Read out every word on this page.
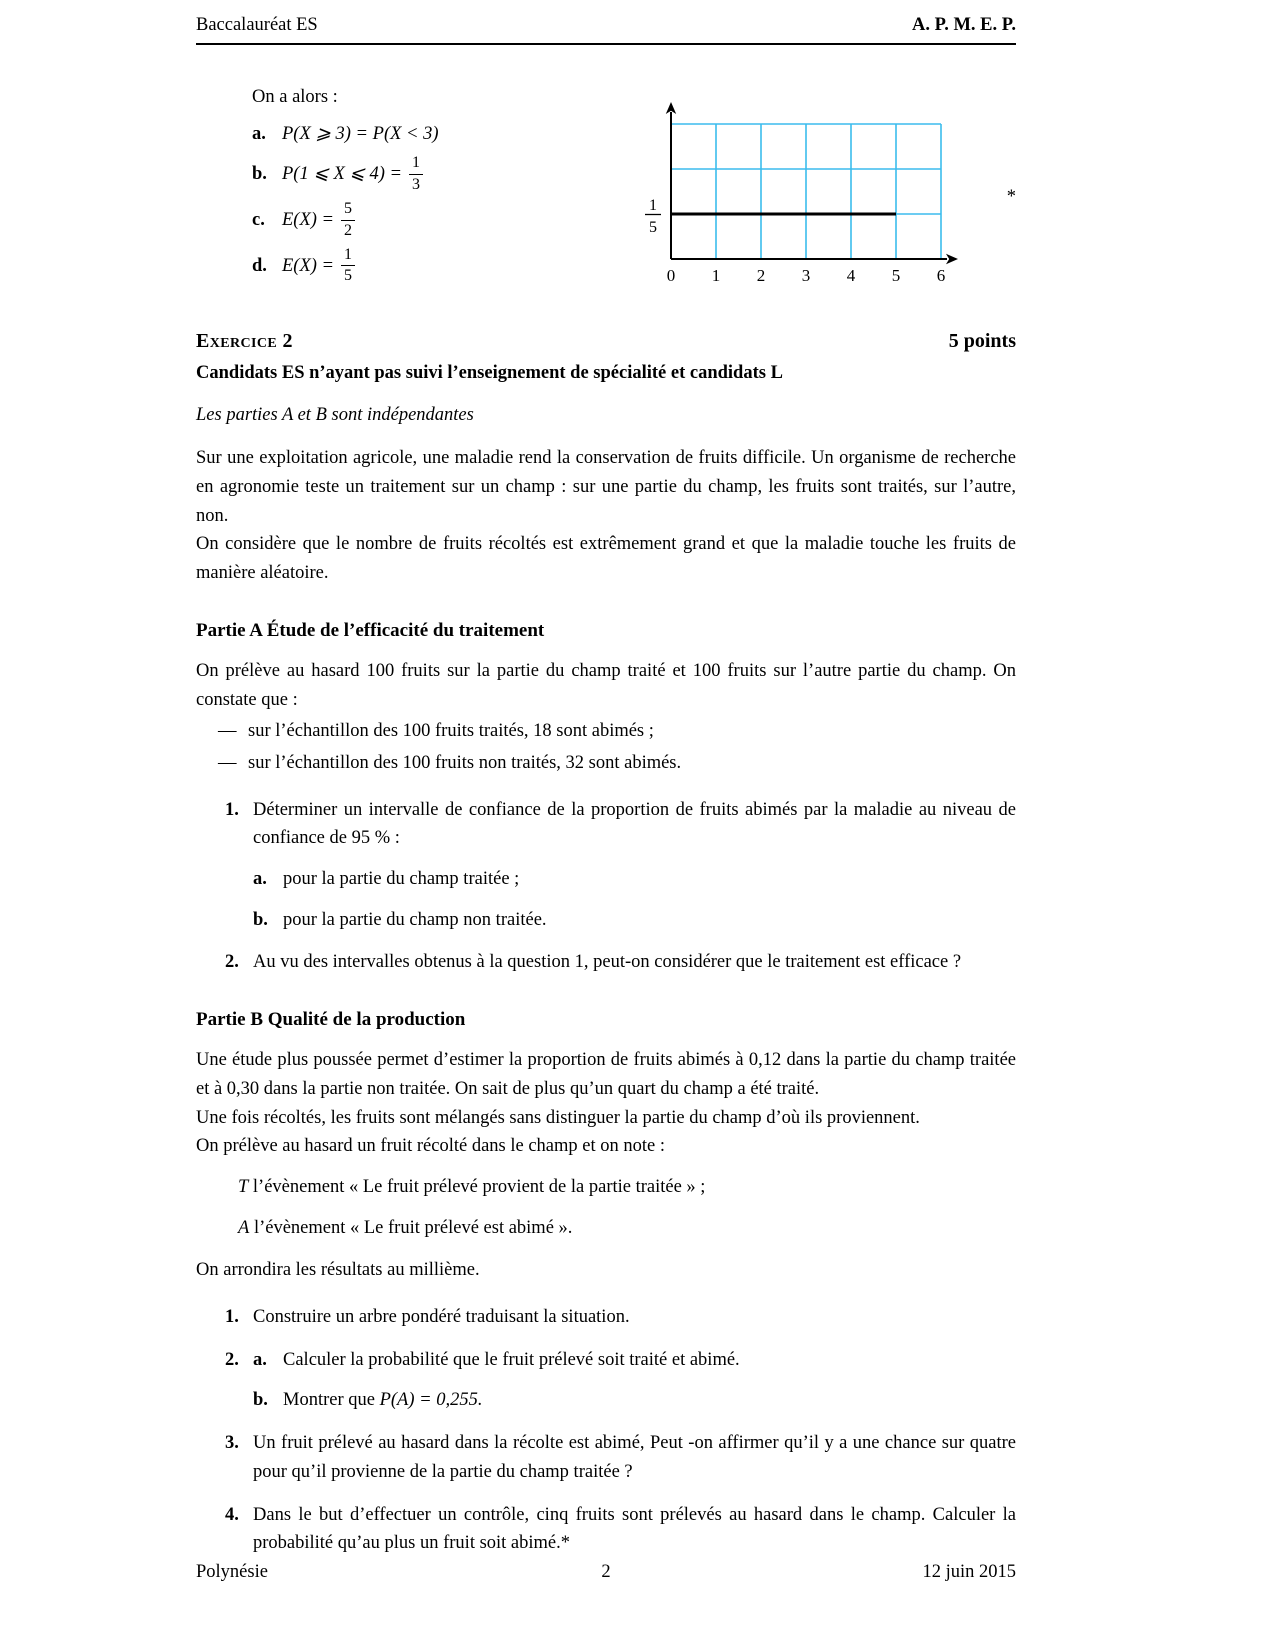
Baccalauréat ES	A. P. M. E. P.

On a alors :

a. P(X ⩾ 3) = P(X < 3)
b. P(1 ⩽ X ⩽ $4) = \frac{1}{3}$
c. $E(X) = \frac{5}{2}$
d. $E(X) = \frac{1}{5}$	0 1 2 3 4 5 6
1
5
*
Exercice 2	5 points

Candidats ES n’ayant pas suivi l’enseignement de spécialité et candidats L

Les parties A et B sont indépendantes

Sur une exploitation agricole, une maladie rend la conservation de fruits difficile. Un organisme de recherche en agronomie teste un traitement sur un champ : sur une partie du champ, les fruits sont traités, sur l’autre, non.

On considère que le nombre de fruits récoltés est extrêmement grand et que la maladie touche les fruits de manière aléatoire.

Partie A Étude de l’efficacité du traitement

On prélève au hasard 100 fruits sur la partie du champ traité et 100 fruits sur l’autre partie du champ. On constate que :

— sur l’échantillon des 100 fruits traités, 18 sont abimés ;
— sur l’échantillon des 100 fruits non traités, 32 sont abimés.
1. Déterminer un intervalle de confiance de la proportion de fruits abimés par la maladie au niveau de confiance de 95 % :

a. pour la partie du champ traitée ;
b. pour la partie du champ non traitée.
2. Au vu des intervalles obtenus à la question 1, peut-on considérer que le traitement est efficace ?

Partie B Qualité de la production

Une étude plus poussée permet d’estimer la proportion de fruits abimés à 0,12 dans la partie du champ traitée et à 0,30 dans la partie non traitée. On sait de plus qu’un quart du champ a été traité.

Une fois récoltés, les fruits sont mélangés sans distinguer la partie du champ d’où ils proviennent.

On prélève au hasard un fruit récolté dans le champ et on note :

T l’évènement « Le fruit prélevé provient de la partie traitée » ;

A l’évènement « Le fruit prélevé est abimé ».

On arrondira les résultats au millième.

1. Construire un arbre pondéré traduisant la situation.

2. a. Calculer la probabilité que le fruit prélevé soit traité et abimé.
b. Montrer que P(A) = 0,255.
3. Un fruit prélevé au hasard dans la récolte est abimé, Peut -on affirmer qu’il y a une chance sur quatre pour qu’il provienne de la partie du champ traitée ?

4. Dans le but d’effectuer un contrôle, cinq fruits sont prélevés au hasard dans le champ. Calculer la probabilité qu’au plus un fruit soit abimé.*

Polynésie	2	12 juin 2015
